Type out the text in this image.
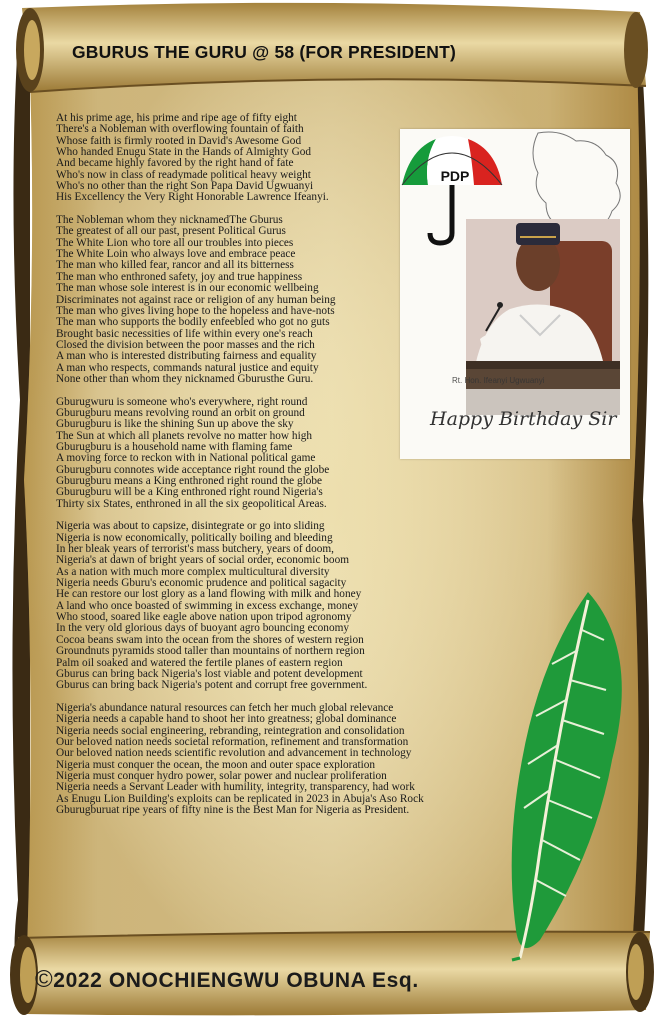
GBURUS THE GURU @ 58 (FOR PRESIDENT)
At his prime age, his prime and ripe age of fifty eight
There's a Nobleman with overflowing fountain of faith
Whose faith is firmly rooted in David's Awesome God
Who handed Enugu State in the Hands of Almighty God
And became highly favored by the right hand of fate
Who's now in class of readymade political heavy weight
Who's no other than the right Son Papa David Ugwuanyi
His Excellency the Very Right Honorable Lawrence Ifeanyi.
The Nobleman whom they nicknamedThe Gburus
The greatest of all our past, present Political Gurus
The White Lion who tore all our troubles into pieces
The White Loin who always love and embrace peace
The man who killed fear, rancor and all its bitterness
The man who enthroned safety, joy and true happiness
The man whose sole interest is in our economic wellbeing
Discriminates not against race or religion of any human being
The man who gives living hope to the hopeless and have-nots
The man who supports the bodily enfeebled who got no guts
Brought basic necessities of life within every one's reach
Closed the division between the poor masses and the rich
A man who is interested distributing fairness and equality
A man who respects, commands natural justice and equity
None other than whom they nicknamed Gburusthe Guru.
Gburugwuru is someone who's everywhere, right round
Gburugburu means revolving round an orbit on ground
Gburugburu is like the shining Sun up above the sky
The Sun at which all planets revolve no matter how high
Gburugburu is a household name with flaming fame
A moving force to reckon with in National political game
Gburugburu connotes wide acceptance right round the globe
Gburugburu means a King enthroned right round the globe
Gburugburu will be a King enthroned right round Nigeria's
Thirty six States, enthroned in all the six geopolitical Areas.
Nigeria was about to capsize, disintegrate or go into sliding
Nigeria is now economically, politically boiling and bleeding
In her bleak years of terrorist's mass butchery, years of doom,
Nigeria's at dawn of bright years of social order, economic boom
As a nation with much more complex multicultural diversity
Nigeria needs Gburu's economic prudence and political sagacity
He can restore our lost glory as a land flowing with milk and honey
A land who once boasted of swimming in excess exchange, money
Who stood, soared like eagle above nation upon tripod agronomy
In the very old glorious days of buoyant agro bouncing economy
Cocoa beans swam into the ocean from the shores of western region
Groundnuts pyramids stood taller than mountains of northern region
Palm oil soaked and watered the fertile planes of eastern region
Gburus can bring back Nigeria's lost viable and potent development
Gburus can bring back Nigeria's potent and corrupt free government.
Nigeria's abundance natural resources can fetch her much global relevance
Nigeria needs a capable hand to shoot her into greatness; global dominance
Nigeria needs social engineering, rebranding, reintegration and consolidation
Our beloved nation needs societal reformation, refinement and transformation
Our beloved nation needs scientific revolution and advancement in technology
Nigeria must conquer the ocean, the moon and outer space exploration
Nigeria must conquer hydro power, solar power and nuclear proliferation
Nigeria needs a Servant Leader with humility, integrity, transparency, had work
As Enugu Lion Building's exploits can be replicated in 2023 in Abuja's Aso Rock
Gburugburuat ripe years of fifty nine is the Best Man for Nigeria as President.
PDP
Rt. Hon. Ifeanyi Ugwuanyi
Happy Birthday Sir
©2022 ONOCHIENGWU OBUNA Esq.
